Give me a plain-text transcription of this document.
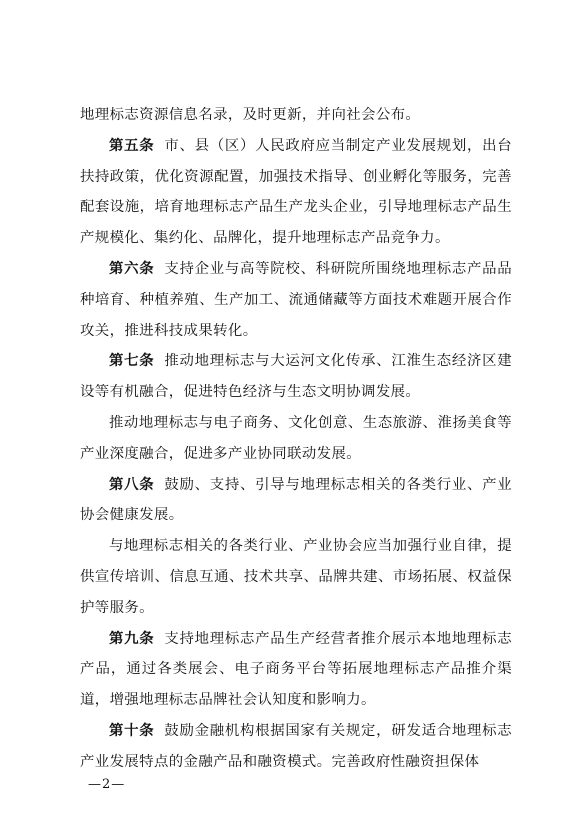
地理标志资源信息名录，及时更新，并向社会公布。

第五条 市、县（区）人民政府应当制定产业发展规划，出台扶持政策，优化资源配置，加强技术指导、创业孵化等服务，完善配套设施，培育地理标志产品生产龙头企业，引导地理标志产品生产规模化、集约化、品牌化，提升地理标志产品竞争力。

第六条 支持企业与高等院校、科研院所围绕地理标志产品品种培育、种植养殖、生产加工、流通储藏等方面技术难题开展合作攻关，推进科技成果转化。

第七条 推动地理标志与大运河文化传承、江淮生态经济区建设等有机融合，促进特色经济与生态文明协调发展。

推动地理标志与电子商务、文化创意、生态旅游、淮扬美食等产业深度融合，促进多产业协同联动发展。

第八条 鼓励、支持、引导与地理标志相关的各类行业、产业协会健康发展。

与地理标志相关的各类行业、产业协会应当加强行业自律，提供宣传培训、信息互通、技术共享、品牌共建、市场拓展、权益保护等服务。

第九条 支持地理标志产品生产经营者推介展示本地地理标志产品，通过各类展会、电子商务平台等拓展地理标志产品推介渠道，增强地理标志品牌社会认知度和影响力。

第十条 鼓励金融机构根据国家有关规定，研发适合地理标志产业发展特点的金融产品和融资模式。完善政府性融资担保体

—2—
